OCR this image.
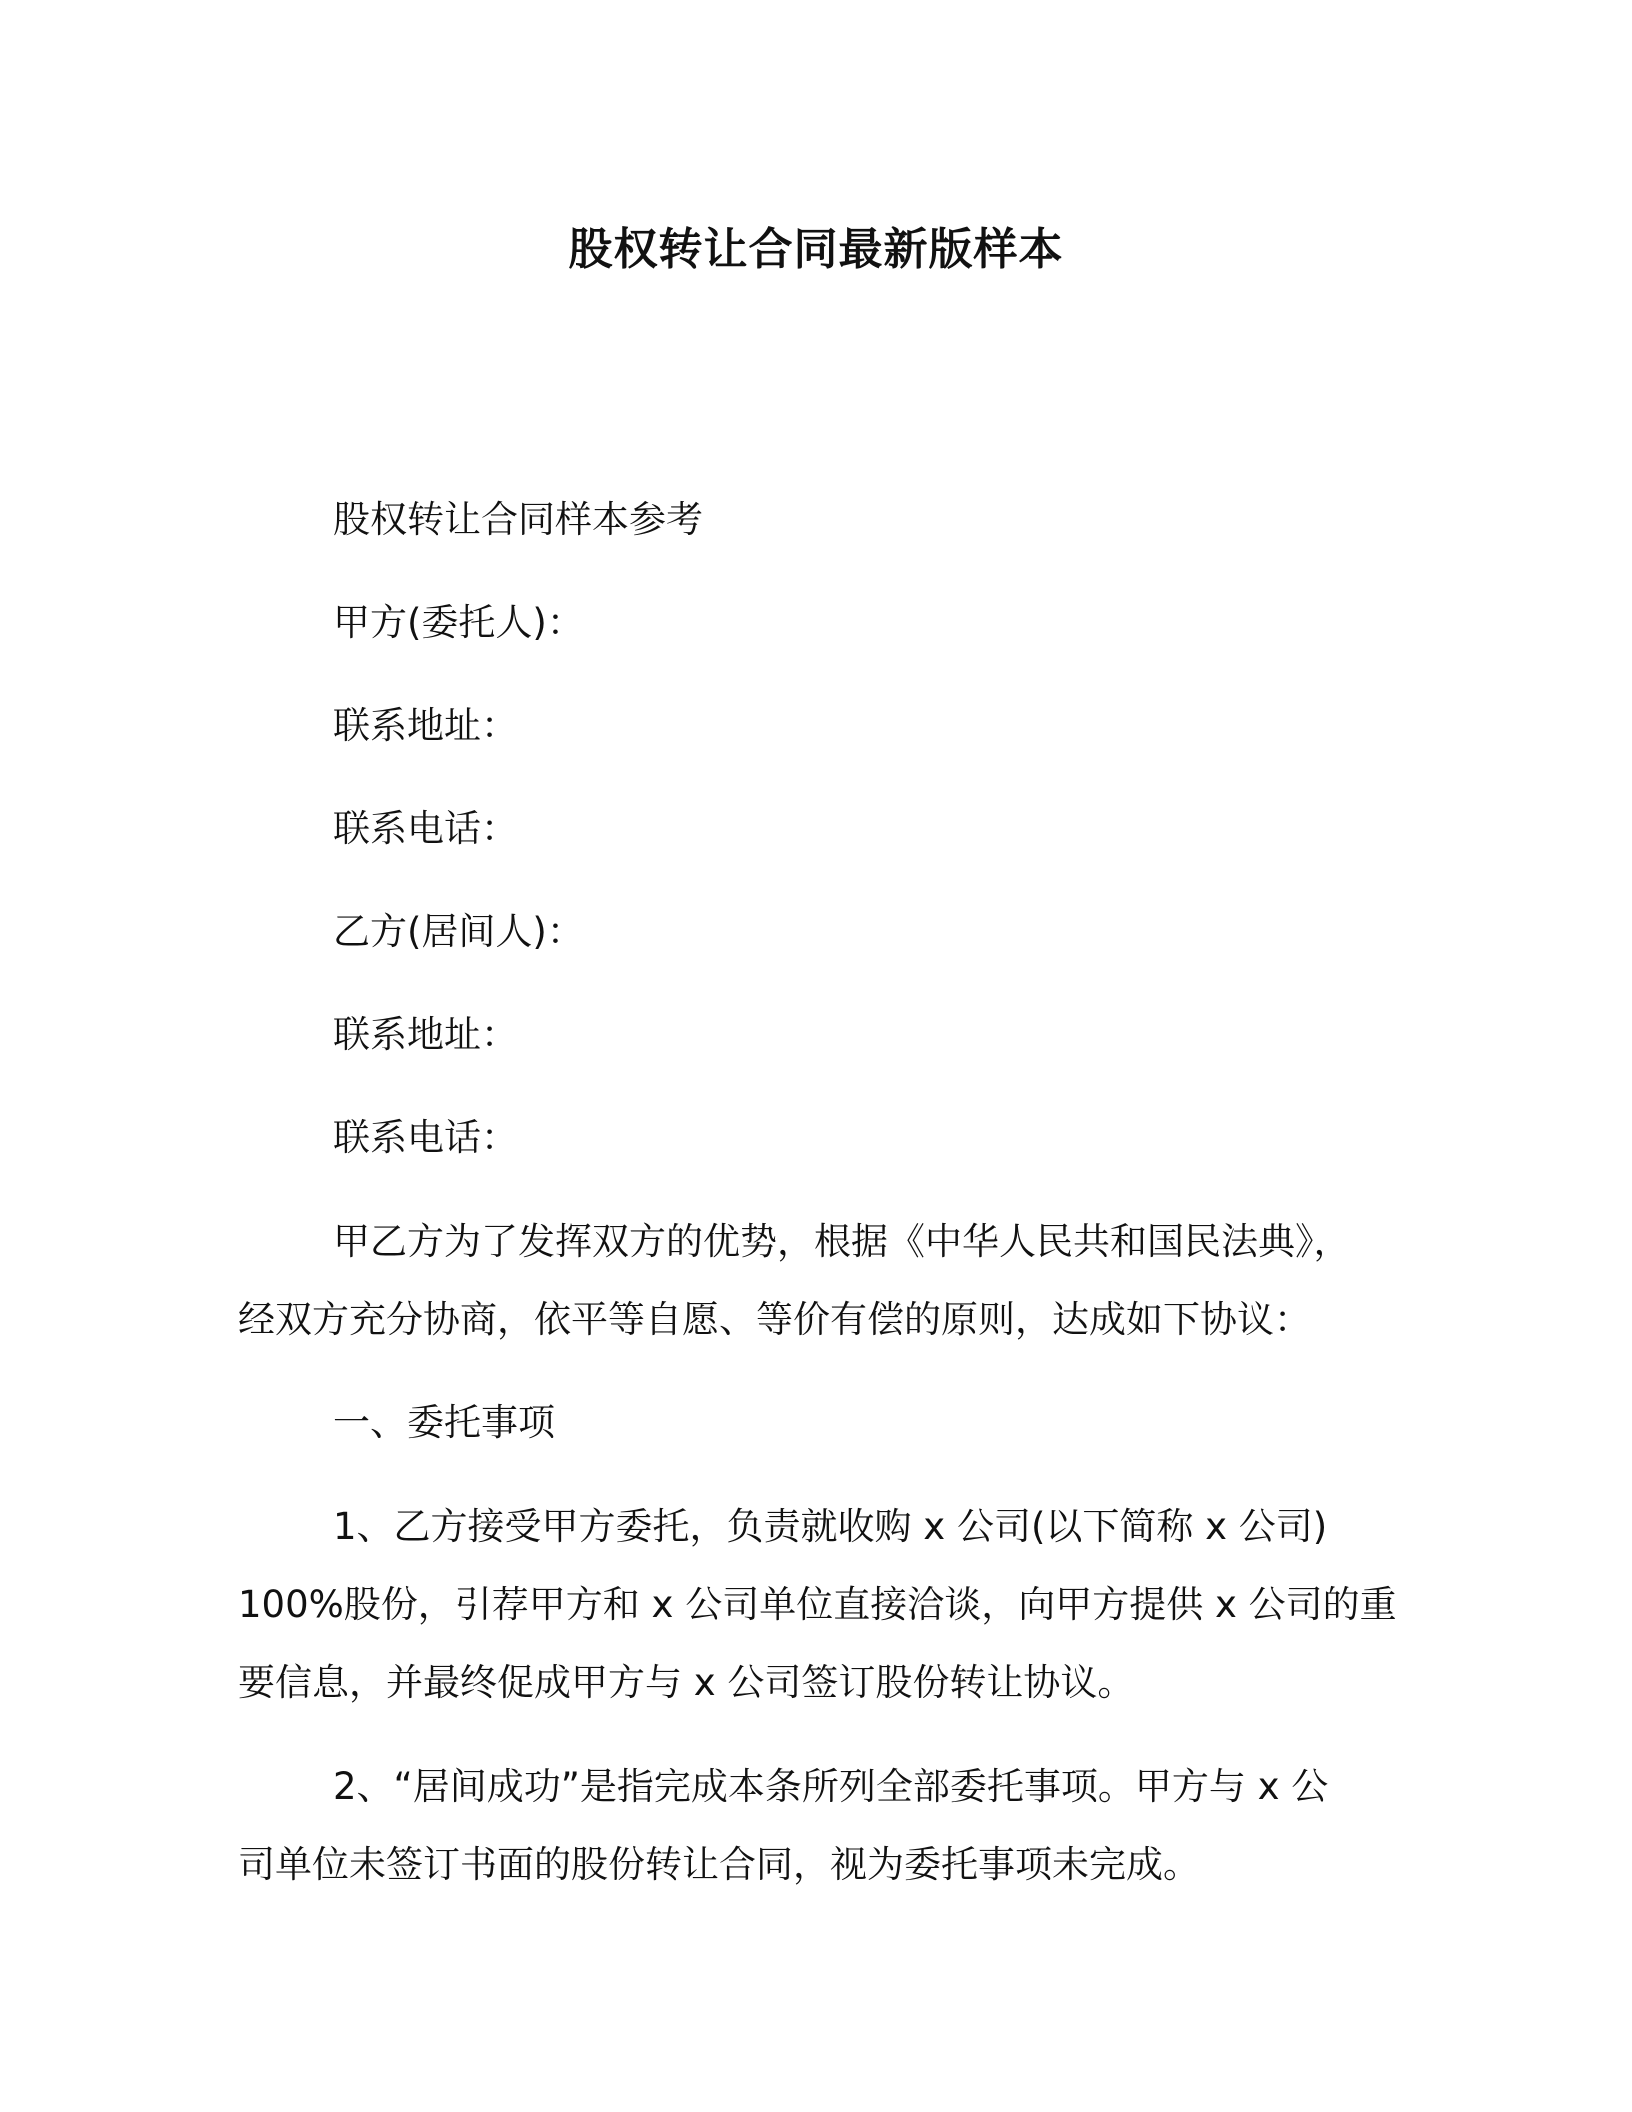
股权转让合同最新版样本
股权转让合同样本参考
甲方(委托人)：
联系地址：
联系电话：
乙方(居间人)：
联系地址：
联系电话：
甲乙方为了发挥双方的优势，根据《中华人民共和国民法典》，
经双方充分协商，依平等自愿、等价有偿的原则，达成如下协议：
一、委托事项
1、乙方接受甲方委托，负责就收购 x 公司(以下简称 x 公司)
100%股份，引荐甲方和 x 公司单位直接洽谈，向甲方提供 x 公司的重
要信息，并最终促成甲方与 x 公司签订股份转让协议。
2、“居间成功”是指完成本条所列全部委托事项。甲方与 x 公
司单位未签订书面的股份转让合同，视为委托事项未完成。
